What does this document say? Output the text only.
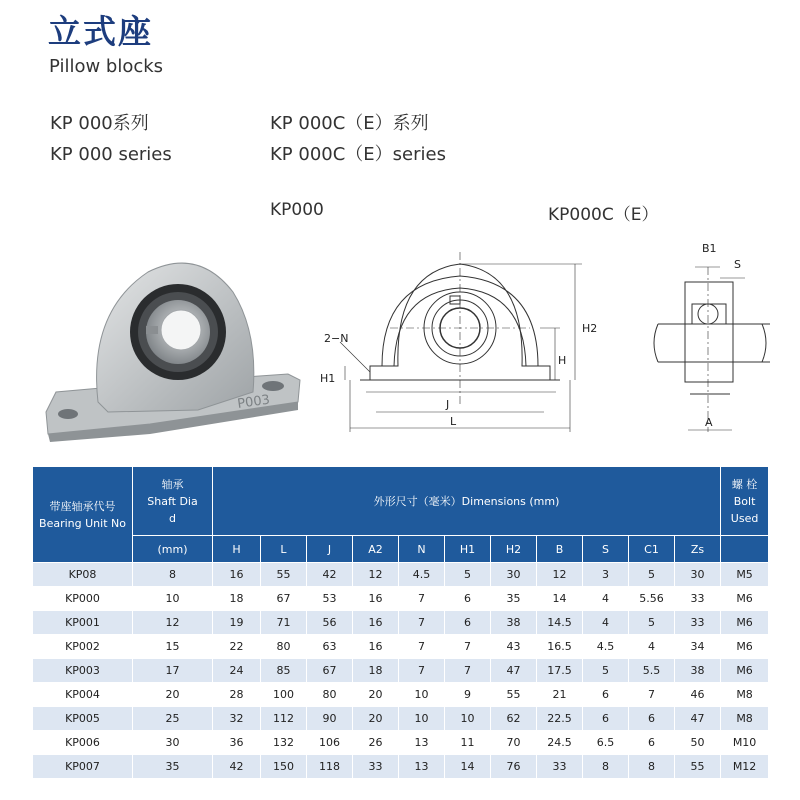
立式座
Pillow blocks
KP 000系列
KP 000 series
KP 000C（E）系列
KP 000C（E）series
KP000	KP000C（E）
P003
2−N
H1
H
H2
J
L
B1
S
A
带座轴承代号
Bearing Unit No	轴承
Shaft Dia
d	外形尺寸（毫米）Dimensions (mm)											螺 栓
Bolt Used

	(mm)	H	L	J	A2	N	H1	H2	B	S	C1	Zs	
KP08	8	16	55	42	12	4.5	5	30	12	3	5	30	M5
KP000	10	18	67	53	16	7	6	35	14	4	5.56	33	M6
KP001	12	19	71	56	16	7	6	38	14.5	4	5	33	M6
KP002	15	22	80	63	16	7	7	43	16.5	4.5	4	34	M6
KP003	17	24	85	67	18	7	7	47	17.5	5	5.5	38	M6
KP004	20	28	100	80	20	10	9	55	21	6	7	46	M8
KP005	25	32	112	90	20	10	10	62	22.5	6	6	47	M8
KP006	30	36	132	106	26	13	11	70	24.5	6.5	6	50	M10
KP007	35	42	150	118	33	13	14	76	33	8	8	55	M12
